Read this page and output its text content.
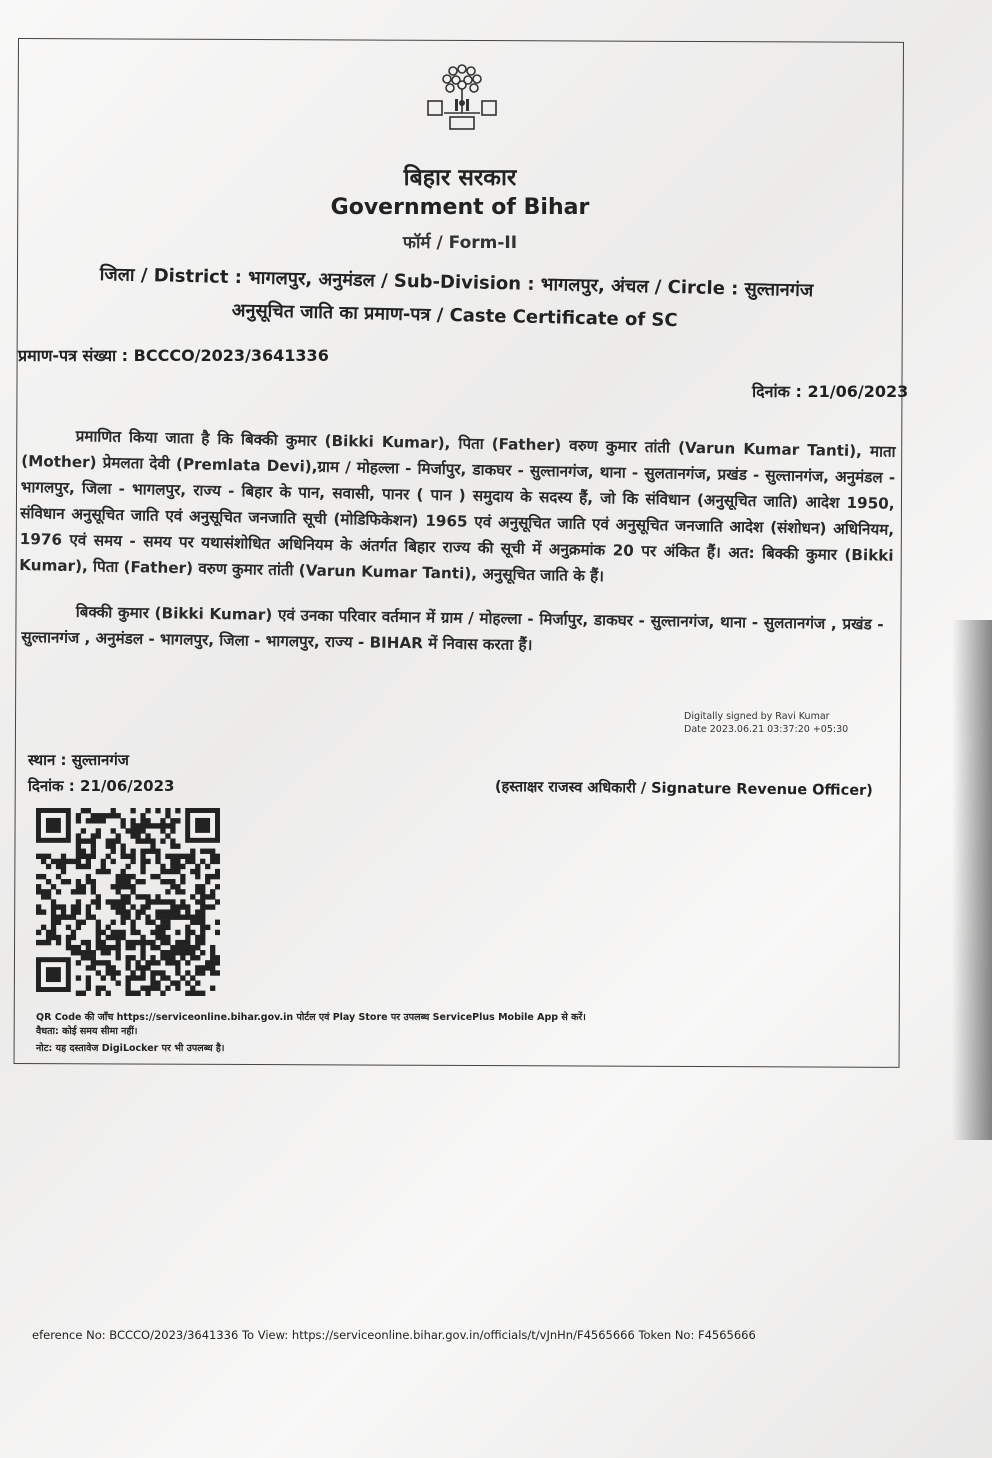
बिहार सरकार
Government of Bihar
फॉर्म / Form-II
जिला / District : भागलपुर, अनुमंडल / Sub-Division : भागलपुर, अंचल / Circle : सुल्तानगंज
अनुसूचित जाति का प्रमाण-पत्र / Caste Certificate of SC
प्रमाण-पत्र संख्या : BCCCO/2023/3641336
दिनांक : 21/06/2023
प्रमाणित किया जाता है कि बिक्की कुमार (Bikki Kumar), पिता (Father) वरुण कुमार तांती (Varun Kumar Tanti), माता (Mother) प्रेमलता देवी (Premlata Devi),ग्राम / मोहल्ला - मिर्जापुर, डाकघर - सुल्तानगंज, थाना - सुलतानगंज, प्रखंड - सुल्तानगंज, अनुमंडल - भागलपुर, जिला - भागलपुर, राज्य - बिहार के पान, सवासी, पानर ( पान ) समुदाय के सदस्य हैं, जो कि संविधान (अनुसूचित जाति) आदेश 1950, संविधान अनुसूचित जाति एवं अनुसूचित जनजाति सूची (मोडिफिकेशन) 1965 एवं अनुसूचित जाति एवं अनुसूचित जनजाति आदेश (संशोधन) अधिनियम, 1976 एवं समय - समय पर यथासंशोधित अधिनियम के अंतर्गत बिहार राज्य की सूची में अनुक्रमांक 20 पर अंकित हैं। अत: बिक्की कुमार (Bikki Kumar), पिता (Father) वरुण कुमार तांती (Varun Kumar Tanti), अनुसूचित जाति के हैं।
बिक्की कुमार (Bikki Kumar) एवं उनका परिवार वर्तमान में ग्राम / मोहल्ला - मिर्जापुर, डाकघर - सुल्तानगंज, थाना - सुलतानगंज , प्रखंड - सुल्तानगंज , अनुमंडल - भागलपुर, जिला - भागलपुर, राज्य - BIHAR में निवास करता हैं।
Digitally signed by Ravi Kumar
Date 2023.06.21 03:37:20 +05:30
स्थान : सुल्तानगंज
दिनांक : 21/06/2023	(हस्ताक्षर राजस्व अधिकारी / Signature Revenue Officer)
QR Code की जाँच https://serviceonline.bihar.gov.in पोर्टल एवं Play Store पर उपलब्ध ServicePlus Mobile App से करें।
वैधता: कोई समय सीमा नहीं।
नोट: यह दस्तावेज DigiLocker पर भी उपलब्ध है।
eference No: BCCCO/2023/3641336 To View: https://serviceonline.bihar.gov.in/officials/t/vJnHn/F4565666 Token No: F4565666
